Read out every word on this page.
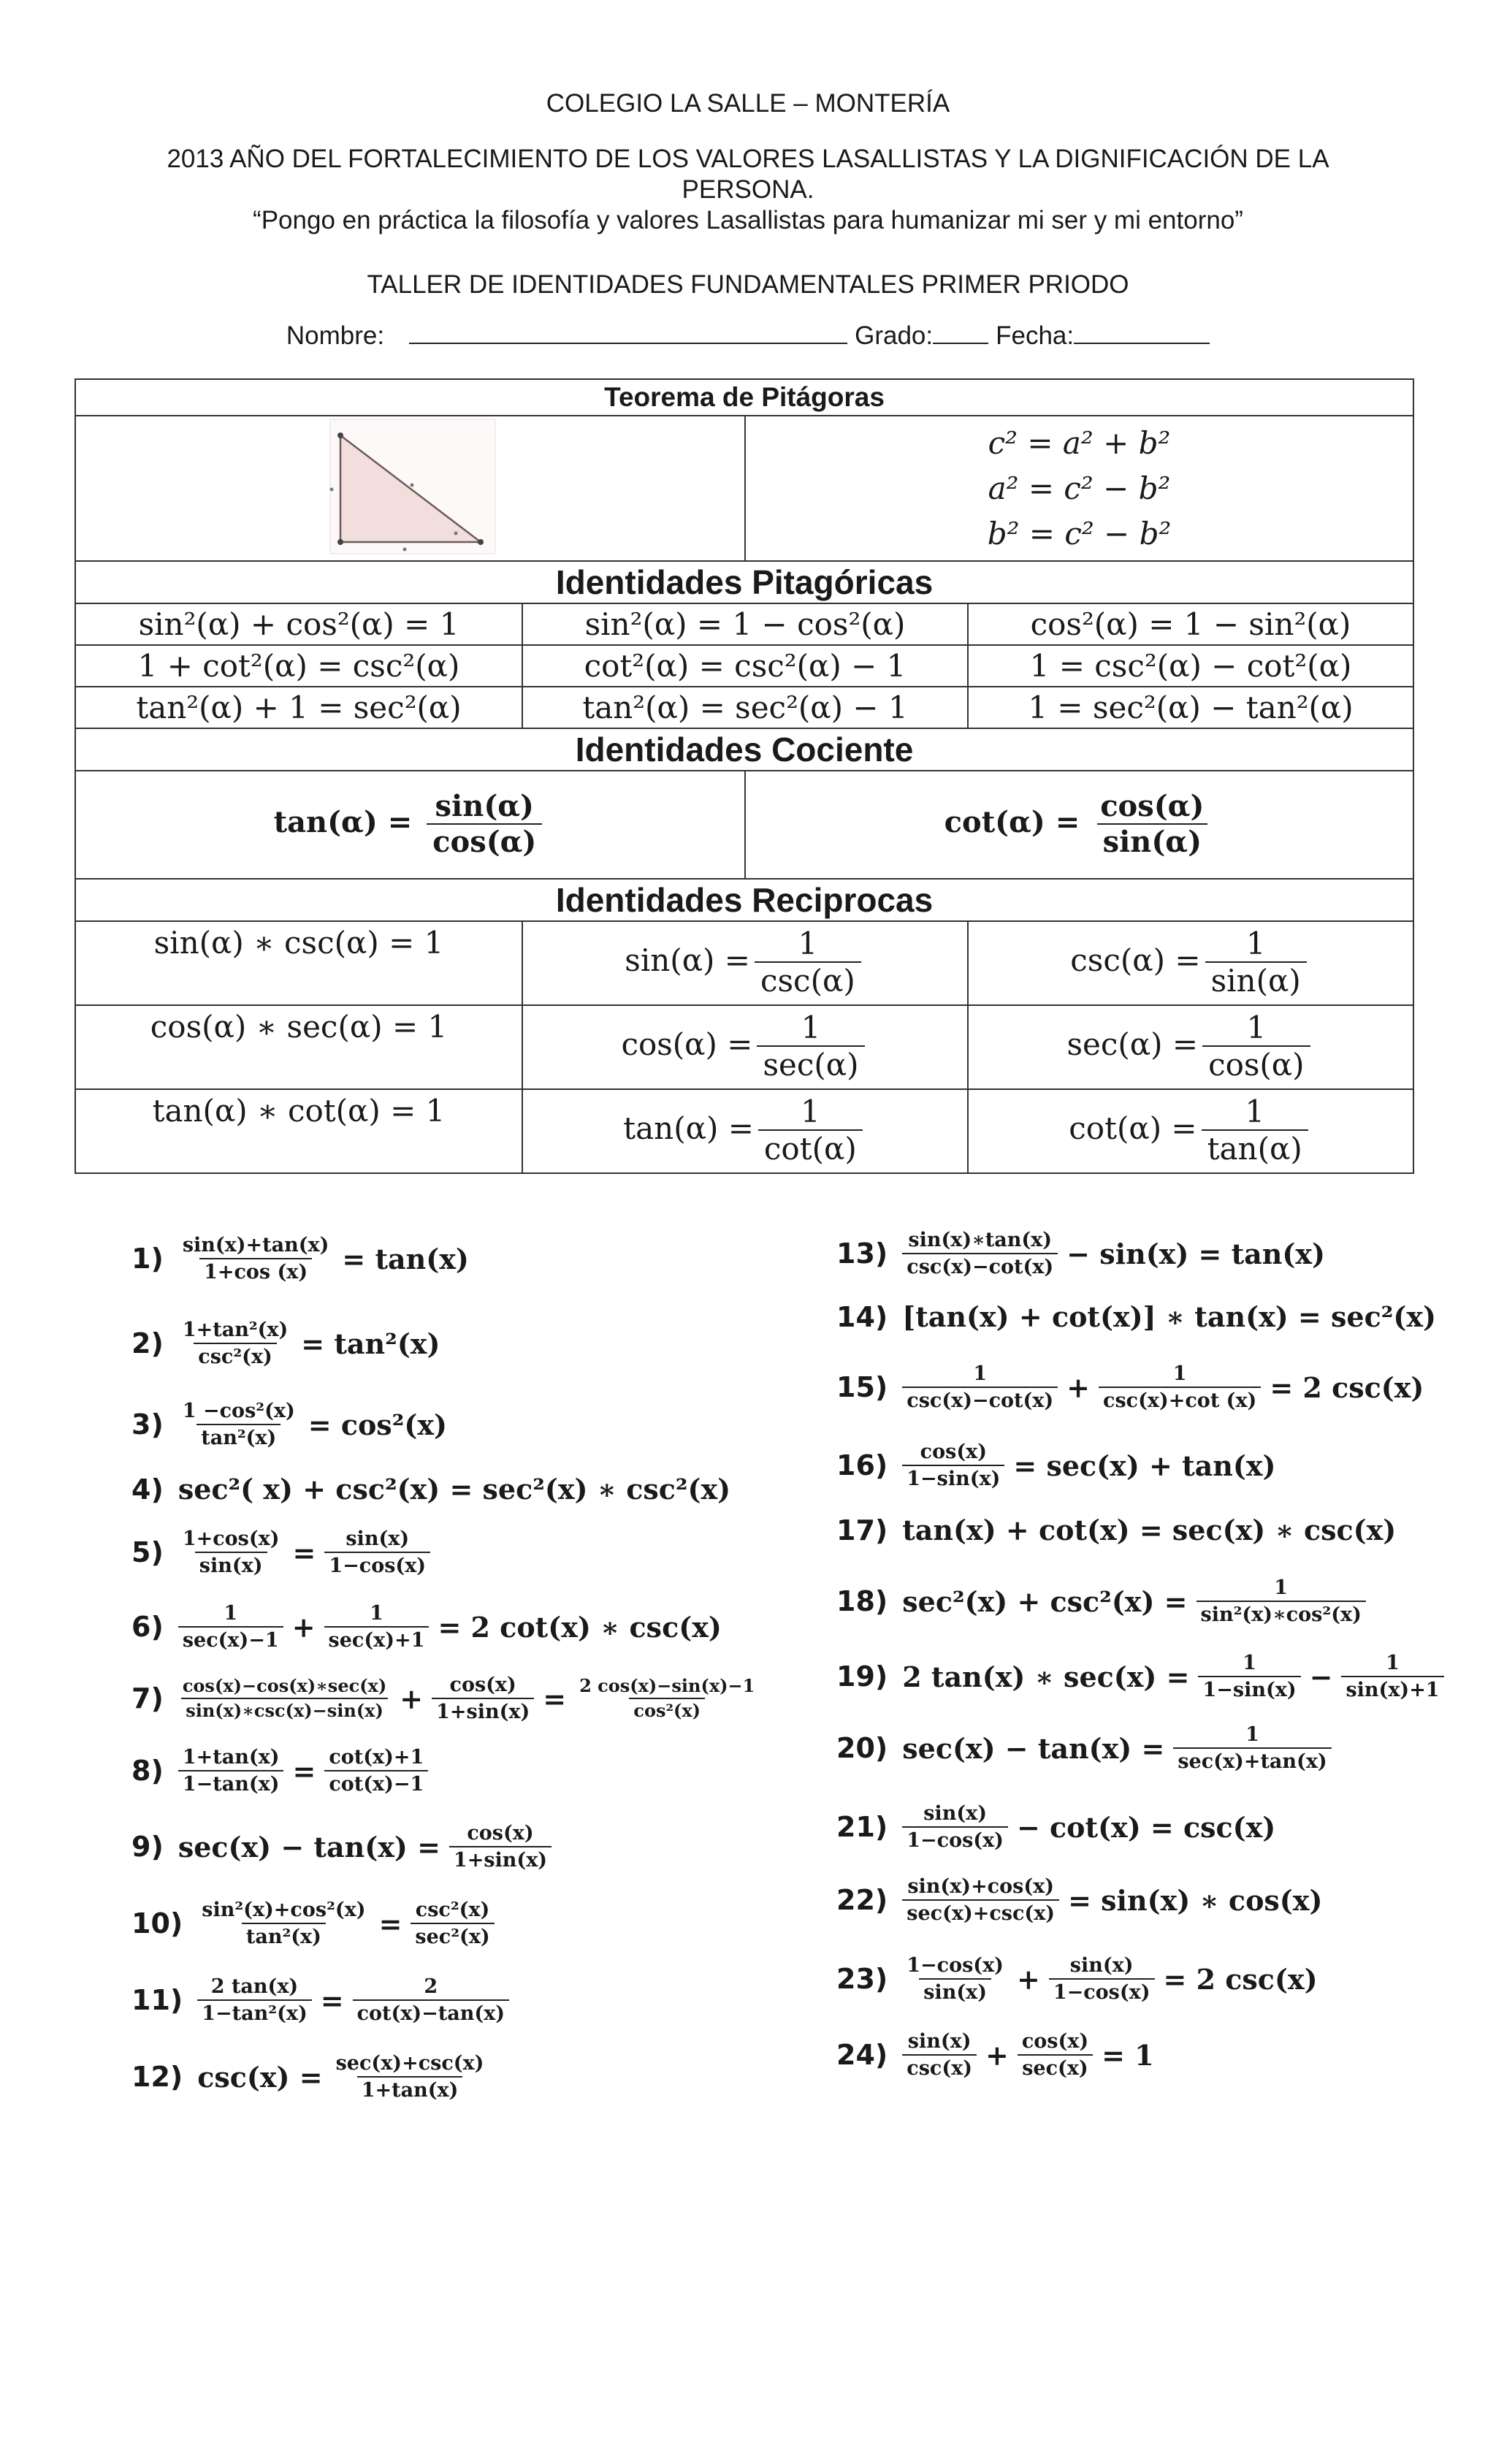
COLEGIO LA SALLE – MONTERÍA
2013 AÑO DEL FORTALECIMIENTO DE LOS VALORES LASALLISTAS Y LA DIGNIFICACIÓN DE LA
PERSONA.
“Pongo en práctica la filosofía y valores Lasallistas para humanizar mi ser y mi entorno”
TALLER DE IDENTIDADES FUNDAMENTALES PRIMER PRIODO
Nombre:	Grado: Fecha:
Teorema de Pitágoras			

c² = a² + b²
a² = c² − b²
b² = c² − b²	

Identidades Pitagóricas			
sin²(α) + cos²(α) = 1	sin²(α) = 1 − cos²(α)		cos²(α) = 1 − sin²(α)
1 + cot²(α) = csc²(α)	cot²(α) = csc²(α) − 1		1 = csc²(α) − cot²(α)
tan²(α) + 1 = sec²(α)	tan²(α) = sec²(α) − 1		1 = sec²(α) − tan²(α)
Identidades Cociente			
$\tan(\alpha) = \frac{\sin(\alpha)}{\cos(\alpha)}$		$\cot(\alpha) = \frac{\cos(\alpha)}{\sin(\alpha)}$

Identidades Reciprocas			
sin(α) ∗ csc(α) = 1	$\sin(\alpha) = \frac{1}{\csc(\alpha)}$		$\csc(\alpha) = \frac{1}{\sin(\alpha)}$

cos(α) ∗ sec(α) = 1	$\cos(\alpha) = \frac{1}{\sec(\alpha)}$		$\sec(\alpha) = \frac{1}{\cos(\alpha)}$

tan(α) ∗ cot(α) = 1	$\tan(\alpha) = \frac{1}{\cot(\alpha)}$		$\cot(\alpha) = \frac{1}{\tan(\alpha)}$
$1) \frac{\sin(x)+\tan(x)}{1+\cos (x)} = \tan(x)$
2) 1+tan²(x)
csc²(x) = tan²(x)
$3) \frac{\text{1 −cos²(x)}}{\text{tan²(x)}} = \cos^2(x)$
4) sec²( x) + csc²(x) = sec²(x) ∗ csc²(x)
$5) \frac{1+\cos(x)}{\sin(x)} = \frac{\sin(x)}{1-\cos(x)}$
6)	1
sec(x)−1 +	1
sec(x)+1 = 2 cot(x) ∗ csc(x)
7) cos(x)−cos(x)∗sec(x)
sin(x)∗csc(x)−sin(x) + $\frac{\cos(x)}{1+\sin(x)} = \frac{2 \cos(x)-\sin(x)-1}{\text{cos²(x)}}$
$8) \frac{1+\tan(x)}{1-\tan(x)} = \frac{\cot(x)+1}{\cot(x)-1}$
9) $\sec(x) - \tan(x) = \frac{\cos(x)}{1+\sin(x)}$
$10) \frac{\text{sin²(x)+cos²(x)}}{\text{tan²(x)}} = \csc^2(x)$
sec²(x)
$11) \frac{2 \tan(x)}{\text{1−tan²(x)}} = \frac{2}{\cot(x)-\tan(x)}$
12) csc(x) = sec(x)+csc(x)
1+tan(x)
13) sin(x)∗tan(x)
csc(x)−cot(x) − sin(x) = tan(x)
14) [tan(x) + cot(x)] ∗ tan(x) = sec²(x)
15)	1
csc(x)−cot(x) +	1
csc(x)+cot (x) = 2 csc(x)
$16) \frac{\cos(x)}{1-\sin(x)} = \sec(x) + \tan(x)$
17) tan(x) + cot(x) = sec(x) ∗ csc(x)
18) $\sec^2(x) + \csc^2(x) = \frac{1}{\text{sin²(x)∗cos²(x)}}$
19) 2 tan(x) ∗ $\sec(x) = \frac{1}{1-\sin(x)} - \frac{1}{\sin(x)+1}$
20) sec(x) − tan(x) =	1
sec(x)+tan(x)
$21) \frac{\sin(x)}{1-\cos(x)} - \cot(x) = \csc(x)$
22) sin(x)+cos(x)
sec(x)+csc(x) = sin(x) ∗ cos(x)
$23) \frac{1-\cos(x)}{\sin(x)} + \frac{\sin(x)}{1-\cos(x)} = 2$ csc(x)
24) sin(x)
csc(x) + cos(x)
sec(x) = 1
